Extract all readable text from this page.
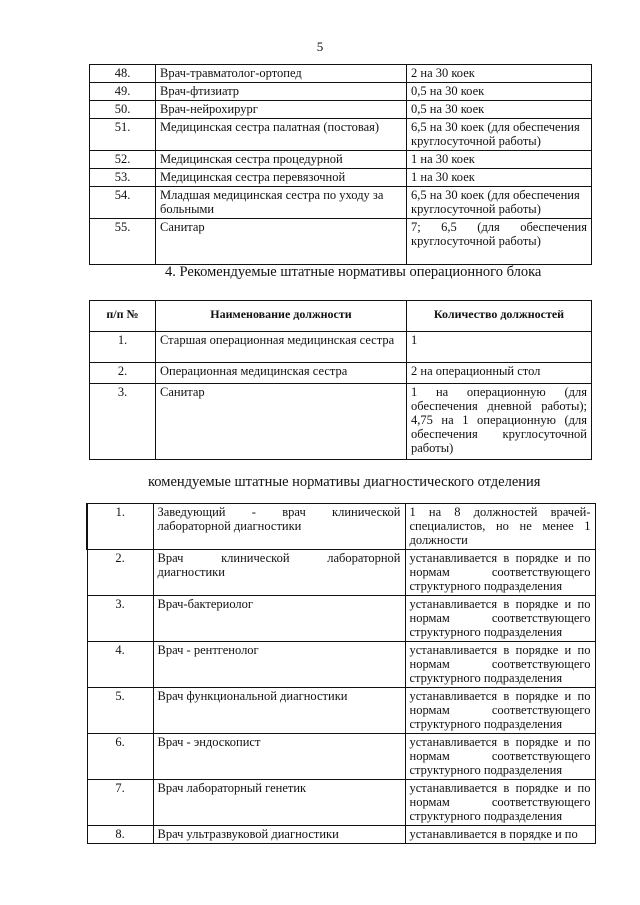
5
48.	Врач-травматолог-ортопед	2 на 30 коек
49.	Врач-фтизиатр	0,5 на 30 коек
50.	Врач-нейрохирург	0,5 на 30 коек
51.	Медицинская сестра палатная (постовая)	6,5 на 30 коек (для обеспечения круглосуточной работы)
52.	Медицинская сестра процедурной	1 на 30 коек
53.	Медицинская сестра перевязочной	1 на 30 коек
54.	Младшая медицинская сестра по уходу за больными	6,5 на 30 коек (для обеспечения круглосуточной работы)
55.	Санитар	7; 6,5 (для обеспечения круглосуточной работы)
4. Рекомендуемые штатные нормативы операционного блока
п/п №	Наименование должности	Количество должностей
1.	Старшая операционная медицинская сестра	1
2.	Операционная медицинская сестра	2 на операционный стол
3.	Санитар	1 на операционную (для обеспечения дневной работы); 4,75 на 1 операционную (для обеспечения круглосуточной работы)
комендуемые штатные нормативы диагностического отделения
1.	Заведующий - врач клинической лабораторной диагностики	1 на 8 должностей врачей-специалистов, но не менее 1 должности
2.	Врач клинической лабораторной диагностики	устанавливается в порядке и по нормам соответствующего структурного подразделения
3.	Врач-бактериолог	устанавливается в порядке и по нормам соответствующего структурного подразделения
4.	Врач - рентгенолог	устанавливается в порядке и по нормам соответствующего структурного подразделения
5.	Врач функциональной диагностики	устанавливается в порядке и по нормам соответствующего структурного подразделения
6.	Врач - эндоскопист	устанавливается в порядке и по нормам соответствующего структурного подразделения
7.	Врач лабораторный генетик	устанавливается в порядке и по нормам соответствующего структурного подразделения
8.	Врач ультразвуковой диагностики	устанавливается в порядке и по
